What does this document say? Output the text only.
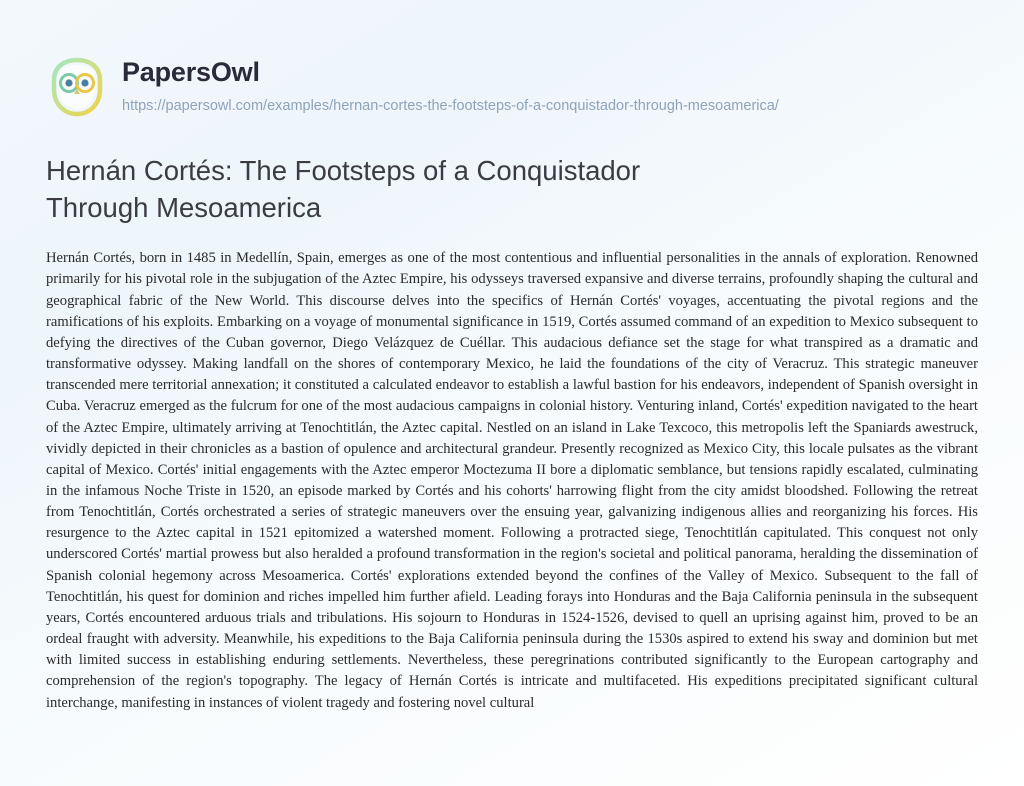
PapersOwl
https://papersowl.com/examples/hernan-cortes-the-footsteps-of-a-conquistador-through-mesoamerica/
Hernán Cortés: The Footsteps of a Conquistador Through Mesoamerica
Hernán Cortés, born in 1485 in Medellín, Spain, emerges as one of the most contentious and influential personalities in the annals of exploration. Renowned primarily for his pivotal role in the subjugation of the Aztec Empire, his odysseys traversed expansive and diverse terrains, profoundly shaping the cultural and geographical fabric of the New World. This discourse delves into the specifics of Hernán Cortés' voyages, accentuating the pivotal regions and the ramifications of his exploits. Embarking on a voyage of monumental significance in 1519, Cortés assumed command of an expedition to Mexico subsequent to defying the directives of the Cuban governor, Diego Velázquez de Cuéllar. This audacious defiance set the stage for what transpired as a dramatic and transformative odyssey. Making landfall on the shores of contemporary Mexico, he laid the foundations of the city of Veracruz. This strategic maneuver transcended mere territorial annexation; it constituted a calculated endeavor to establish a lawful bastion for his endeavors, independent of Spanish oversight in Cuba. Veracruz emerged as the fulcrum for one of the most audacious campaigns in colonial history. Venturing inland, Cortés' expedition navigated to the heart of the Aztec Empire, ultimately arriving at Tenochtitlán, the Aztec capital. Nestled on an island in Lake Texcoco, this metropolis left the Spaniards awestruck, vividly depicted in their chronicles as a bastion of opulence and architectural grandeur. Presently recognized as Mexico City, this locale pulsates as the vibrant capital of Mexico. Cortés' initial engagements with the Aztec emperor Moctezuma II bore a diplomatic semblance, but tensions rapidly escalated, culminating in the infamous Noche Triste in 1520, an episode marked by Cortés and his cohorts' harrowing flight from the city amidst bloodshed. Following the retreat from Tenochtitlán, Cortés orchestrated a series of strategic maneuvers over the ensuing year, galvanizing indigenous allies and reorganizing his forces. His resurgence to the Aztec capital in 1521 epitomized a watershed moment. Following a protracted siege, Tenochtitlán capitulated. This conquest not only underscored Cortés' martial prowess but also heralded a profound transformation in the region's societal and political panorama, heralding the dissemination of Spanish colonial hegemony across Mesoamerica. Cortés' explorations extended beyond the confines of the Valley of Mexico. Subsequent to the fall of Tenochtitlán, his quest for dominion and riches impelled him further afield. Leading forays into Honduras and the Baja California peninsula in the subsequent years, Cortés encountered arduous trials and tribulations. His sojourn to Honduras in 1524-1526, devised to quell an uprising against him, proved to be an ordeal fraught with adversity. Meanwhile, his expeditions to the Baja California peninsula during the 1530s aspired to extend his sway and dominion but met with limited success in establishing enduring settlements. Nevertheless, these peregrinations contributed significantly to the European cartography and comprehension of the region's topography. The legacy of Hernán Cortés is intricate and multifaceted. His expeditions precipitated significant cultural interchange, manifesting in instances of violent tragedy and fostering novel cultural
